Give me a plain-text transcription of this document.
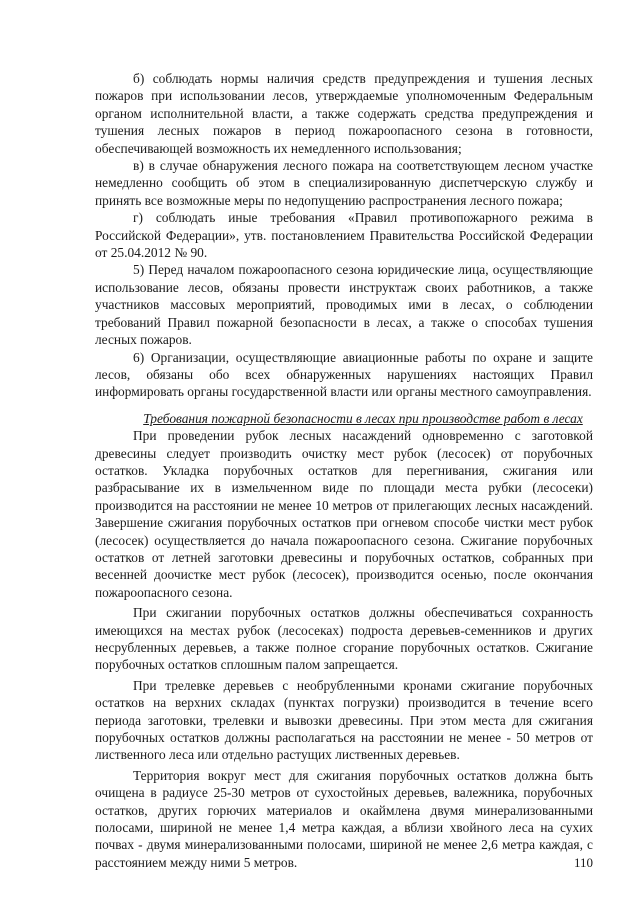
б) соблюдать нормы наличия средств предупреждения и тушения лесных пожаров при использовании лесов, утверждаемые уполномоченным Федеральным органом исполнительной власти, а также содержать средства предупреждения и тушения лесных пожаров в период пожароопасного сезона в готовности, обеспечивающей возможность их немедленного использования;

в) в случае обнаружения лесного пожара на соответствующем лесном участке немедленно сообщить об этом в специализированную диспетчерскую службу и принять все возможные меры по недопущению распространения лесного пожара;

г) соблюдать иные требования «Правил противопожарного режима в Российской Федерации», утв. постановлением Правительства Российской Федерации от 25.04.2012 № 90.

5) Перед началом пожароопасного сезона юридические лица, осуществляющие использование лесов, обязаны провести инструктаж своих работников, а также участников массовых мероприятий, проводимых ими в лесах, о соблюдении требований Правил пожарной безопасности в лесах, а также о способах тушения лесных пожаров.

6) Организации, осуществляющие авиационные работы по охране и защите лесов, обязаны обо всех обнаруженных нарушениях настоящих Правил информировать органы государственной власти или органы местного самоуправления.

Требования пожарной безопасности в лесах при производстве работ в лесах

При проведении рубок лесных насаждений одновременно с заготовкой древесины следует производить очистку мест рубок (лесосек) от порубочных остатков. Укладка порубочных остатков для перегнивания, сжигания или разбрасывание их в измельченном виде по площади места рубки (лесосеки) производится на расстоянии не менее 10 метров от прилегающих лесных насаждений. Завершение сжигания порубочных остатков при огневом способе чистки мест рубок (лесосек) осуществляется до начала пожароопасного сезона. Сжигание порубочных остатков от летней заготовки древесины и порубочных остатков, собранных при весенней доочистке мест рубок (лесосек), производится осенью, после окончания пожароопасного сезона.

При сжигании порубочных остатков должны обеспечиваться сохранность имеющихся на местах рубок (лесосеках) подроста деревьев-семенников и других несрубленных деревьев, а также полное сгорание порубочных остатков. Сжигание порубочных остатков сплошным палом запрещается.

При трелевке деревьев с необрубленными кронами сжигание порубочных остатков на верхних складах (пунктах погрузки) производится в течение всего периода заготовки, трелевки и вывозки древесины. При этом места для сжигания порубочных остатков должны располагаться на расстоянии не менее - 50 метров от лиственного леса или отдельно растущих лиственных деревьев.

Территория вокруг мест для сжигания порубочных остатков должна быть очищена в радиусе 25-30 метров от сухостойных деревьев, валежника, порубочных остатков, других горючих материалов и окаймлена двумя минерализованными полосами, шириной не менее 1,4 метра каждая, а вблизи хвойного леса на сухих почвах - двумя минерализованными полосами, шириной не менее 2,6 метра каждая, с расстоянием между ними 5 метров.	110
